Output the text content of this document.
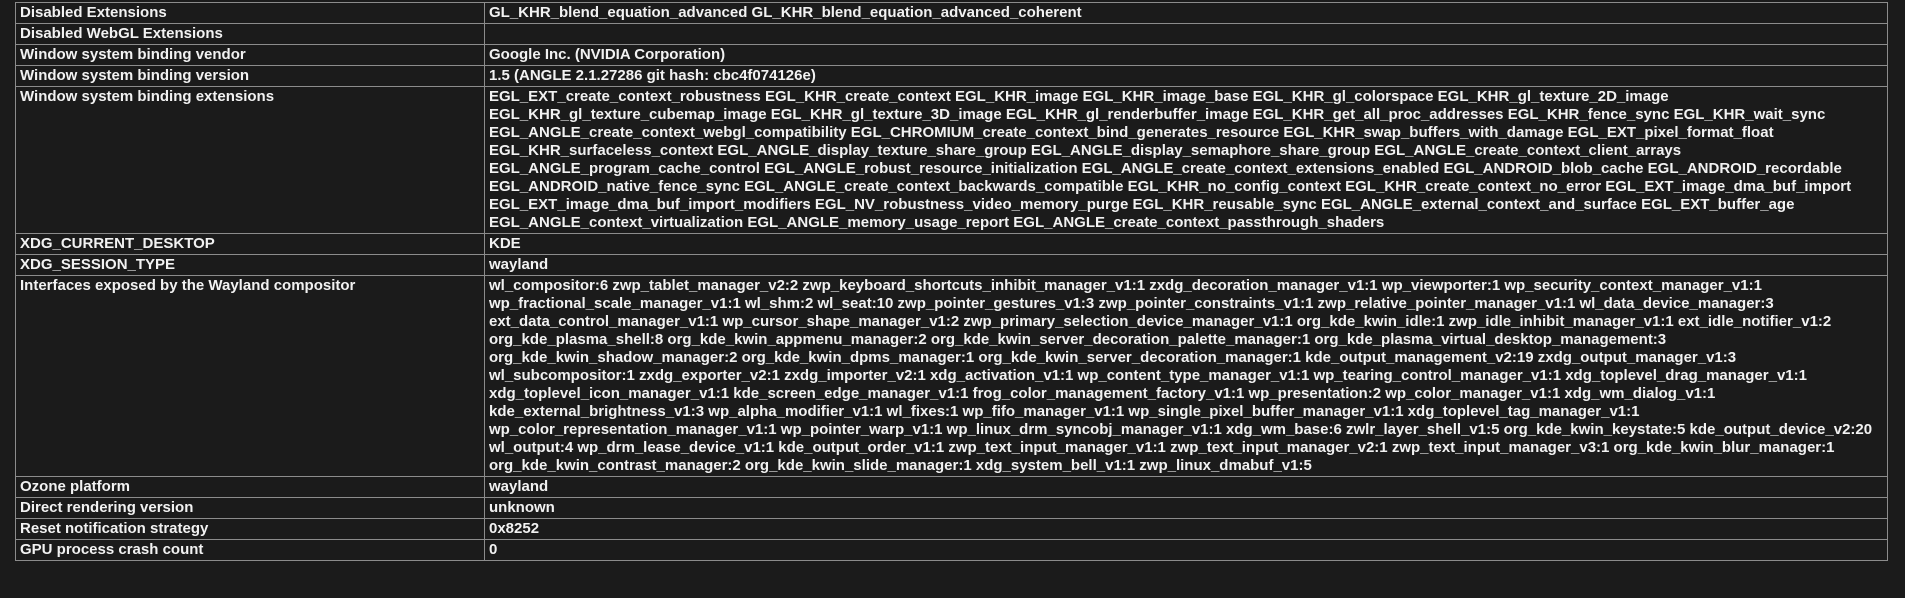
Disabled Extensions	GL_KHR_blend_equation_advanced GL_KHR_blend_equation_advanced_coherent
Disabled WebGL Extensions	
Window system binding vendor	Google Inc. (NVIDIA Corporation)
Window system binding version	1.5 (ANGLE 2.1.27286 git hash: cbc4f074126e)
Window system binding extensions	EGL_EXT_create_context_robustness EGL_KHR_create_context EGL_KHR_image EGL_KHR_image_base EGL_KHR_gl_colorspace EGL_KHR_gl_texture_2D_image EGL_KHR_gl_texture_cubemap_image EGL_KHR_gl_texture_3D_image EGL_KHR_gl_renderbuffer_image EGL_KHR_get_all_proc_addresses EGL_KHR_fence_sync EGL_KHR_wait_sync EGL_ANGLE_create_context_webgl_compatibility EGL_CHROMIUM_create_context_bind_generates_resource EGL_KHR_swap_buffers_with_damage EGL_EXT_pixel_format_float EGL_KHR_surfaceless_context EGL_ANGLE_display_texture_share_group EGL_ANGLE_display_semaphore_share_group EGL_ANGLE_create_context_client_arrays EGL_ANGLE_program_cache_control EGL_ANGLE_robust_resource_initialization EGL_ANGLE_create_context_extensions_enabled EGL_ANDROID_blob_cache EGL_ANDROID_recordable EGL_ANDROID_native_fence_sync EGL_ANGLE_create_context_backwards_compatible EGL_KHR_no_config_context EGL_KHR_create_context_no_error EGL_EXT_image_dma_buf_import EGL_EXT_image_dma_buf_import_modifiers EGL_NV_robustness_video_memory_purge EGL_KHR_reusable_sync EGL_ANGLE_external_context_and_surface EGL_EXT_buffer_age EGL_ANGLE_context_virtualization EGL_ANGLE_memory_usage_report EGL_ANGLE_create_context_passthrough_shaders
XDG_CURRENT_DESKTOP	KDE
XDG_SESSION_TYPE	wayland
Interfaces exposed by the Wayland compositor	wl_compositor:6 zwp_tablet_manager_v2:2 zwp_keyboard_shortcuts_inhibit_manager_v1:1 zxdg_decoration_manager_v1:1 wp_viewporter:1 wp_security_context_manager_v1:1 wp_fractional_scale_manager_v1:1 wl_shm:2 wl_seat:10 zwp_pointer_gestures_v1:3 zwp_pointer_constraints_v1:1 zwp_relative_pointer_manager_v1:1 wl_data_device_manager:3 ext_data_control_manager_v1:1 wp_cursor_shape_manager_v1:2 zwp_primary_selection_device_manager_v1:1 org_kde_kwin_idle:1 zwp_idle_inhibit_manager_v1:1 ext_idle_notifier_v1:2 org_kde_plasma_shell:8 org_kde_kwin_appmenu_manager:2 org_kde_kwin_server_decoration_palette_manager:1 org_kde_plasma_virtual_desktop_management:3 org_kde_kwin_shadow_manager:2 org_kde_kwin_dpms_manager:1 org_kde_kwin_server_decoration_manager:1 kde_output_management_v2:19 zxdg_output_manager_v1:3 wl_subcompositor:1 zxdg_exporter_v2:1 zxdg_importer_v2:1 xdg_activation_v1:1 wp_content_type_manager_v1:1 wp_tearing_control_manager_v1:1 xdg_toplevel_drag_manager_v1:1 xdg_toplevel_icon_manager_v1:1 kde_screen_edge_manager_v1:1 frog_color_management_factory_v1:1 wp_presentation:2 wp_color_manager_v1:1 xdg_wm_dialog_v1:1 kde_external_brightness_v1:3 wp_alpha_modifier_v1:1 wl_fixes:1 wp_fifo_manager_v1:1 wp_single_pixel_buffer_manager_v1:1 xdg_toplevel_tag_manager_v1:1 wp_color_representation_manager_v1:1 wp_pointer_warp_v1:1 wp_linux_drm_syncobj_manager_v1:1 xdg_wm_base:6 zwlr_layer_shell_v1:5 org_kde_kwin_keystate:5 kde_output_device_v2:20 wl_output:4 wp_drm_lease_device_v1:1 kde_output_order_v1:1 zwp_text_input_manager_v1:1 zwp_text_input_manager_v2:1 zwp_text_input_manager_v3:1 org_kde_kwin_blur_manager:1 org_kde_kwin_contrast_manager:2 org_kde_kwin_slide_manager:1 xdg_system_bell_v1:1 zwp_linux_dmabuf_v1:5
Ozone platform	wayland
Direct rendering version	unknown
Reset notification strategy	0x8252
GPU process crash count	0
